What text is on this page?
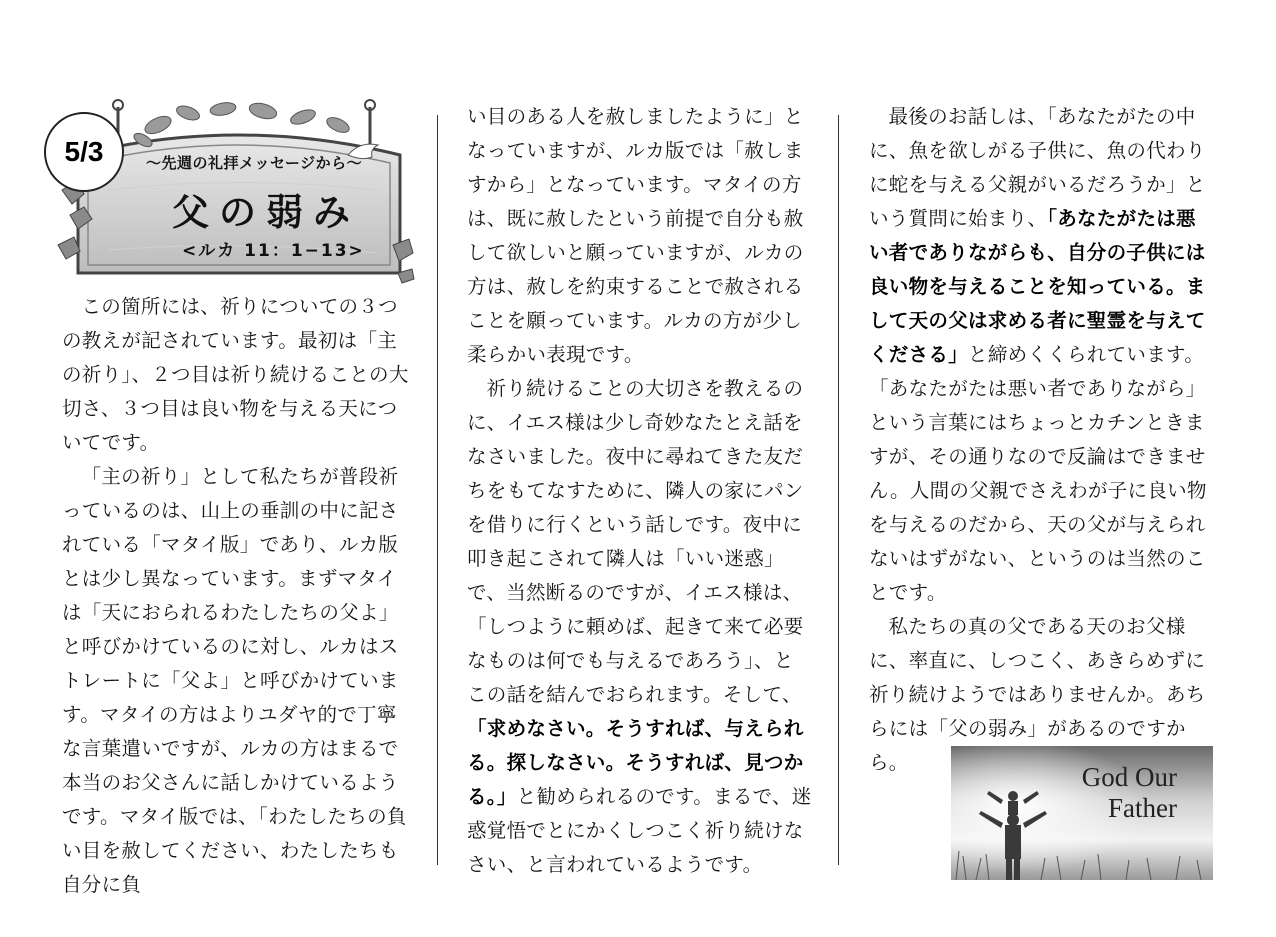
5/3	～先週の礼拝メッセージから～
父の弱み
<ルカ 11：1−13>

この箇所には、祈りについての３つの教えが記されています。最初は「主の祈り」、２つ目は祈り続けることの大切さ、３つ目は良い物を与える天についてです。

「主の祈り」として私たちが普段祈っているのは、山上の垂訓の中に記されている「マタイ版」であり、ルカ版とは少し異なっています。まずマタイは「天におられるわたしたちの父よ」と呼びかけているのに対し、ルカはストレートに「父よ」と呼びかけています。マタイの方はよりユダヤ的で丁寧な言葉遣いですが、ルカの方はまるで本当のお父さんに話しかけているようです。マタイ版では、「わたしたちの負い目を赦してください、わたしたちも自分に負

い目のある人を赦しましたように」となっていますが、ルカ版では「赦しますから」となっています。マタイの方は、既に赦したという前提で自分も赦して欲しいと願っていますが、ルカの方は、赦しを約束することで赦されることを願っています。ルカの方が少し柔らかい表現です。

祈り続けることの大切さを教えるのに、イエス様は少し奇妙なたとえ話をなさいました。夜中に尋ねてきた友だちをもてなすために、隣人の家にパンを借りに行くという話しです。夜中に叩き起こされて隣人は「いい迷惑」で、当然断るのですが、イエス様は、「しつように頼めば、起きて来て必要なものは何でも与えるであろう」、とこの話を結んでおられます。そして、「求めなさい。そうすれば、与えられる。探しなさい。そうすれば、見つかる。」と勧められるのです。まるで、迷惑覚悟でとにかくしつこく祈り続けなさい、と言われているようです。

最後のお話しは、「あなたがたの中に、魚を欲しがる子供に、魚の代わりに蛇を与える父親がいるだろうか」という質問に始まり、「あなたがたは悪い者でありながらも、自分の子供には良い物を与えることを知っている。まして天の父は求める者に聖霊を与えてくださる」と締めくくられています。「あなたがたは悪い者でありながら」という言葉にはちょっとカチンときますが、その通りなので反論はできません。人間の父親でさえわが子に良い物を与えるのだから、天の父が与えられないはずがない、というのは当然のことです。

私たちの真の父である天のお父様に、率直に、しつこく、あきらめずに祈り続けようではありませんか。あちらには「父の弱み」があるのですから。	God Our
Father
